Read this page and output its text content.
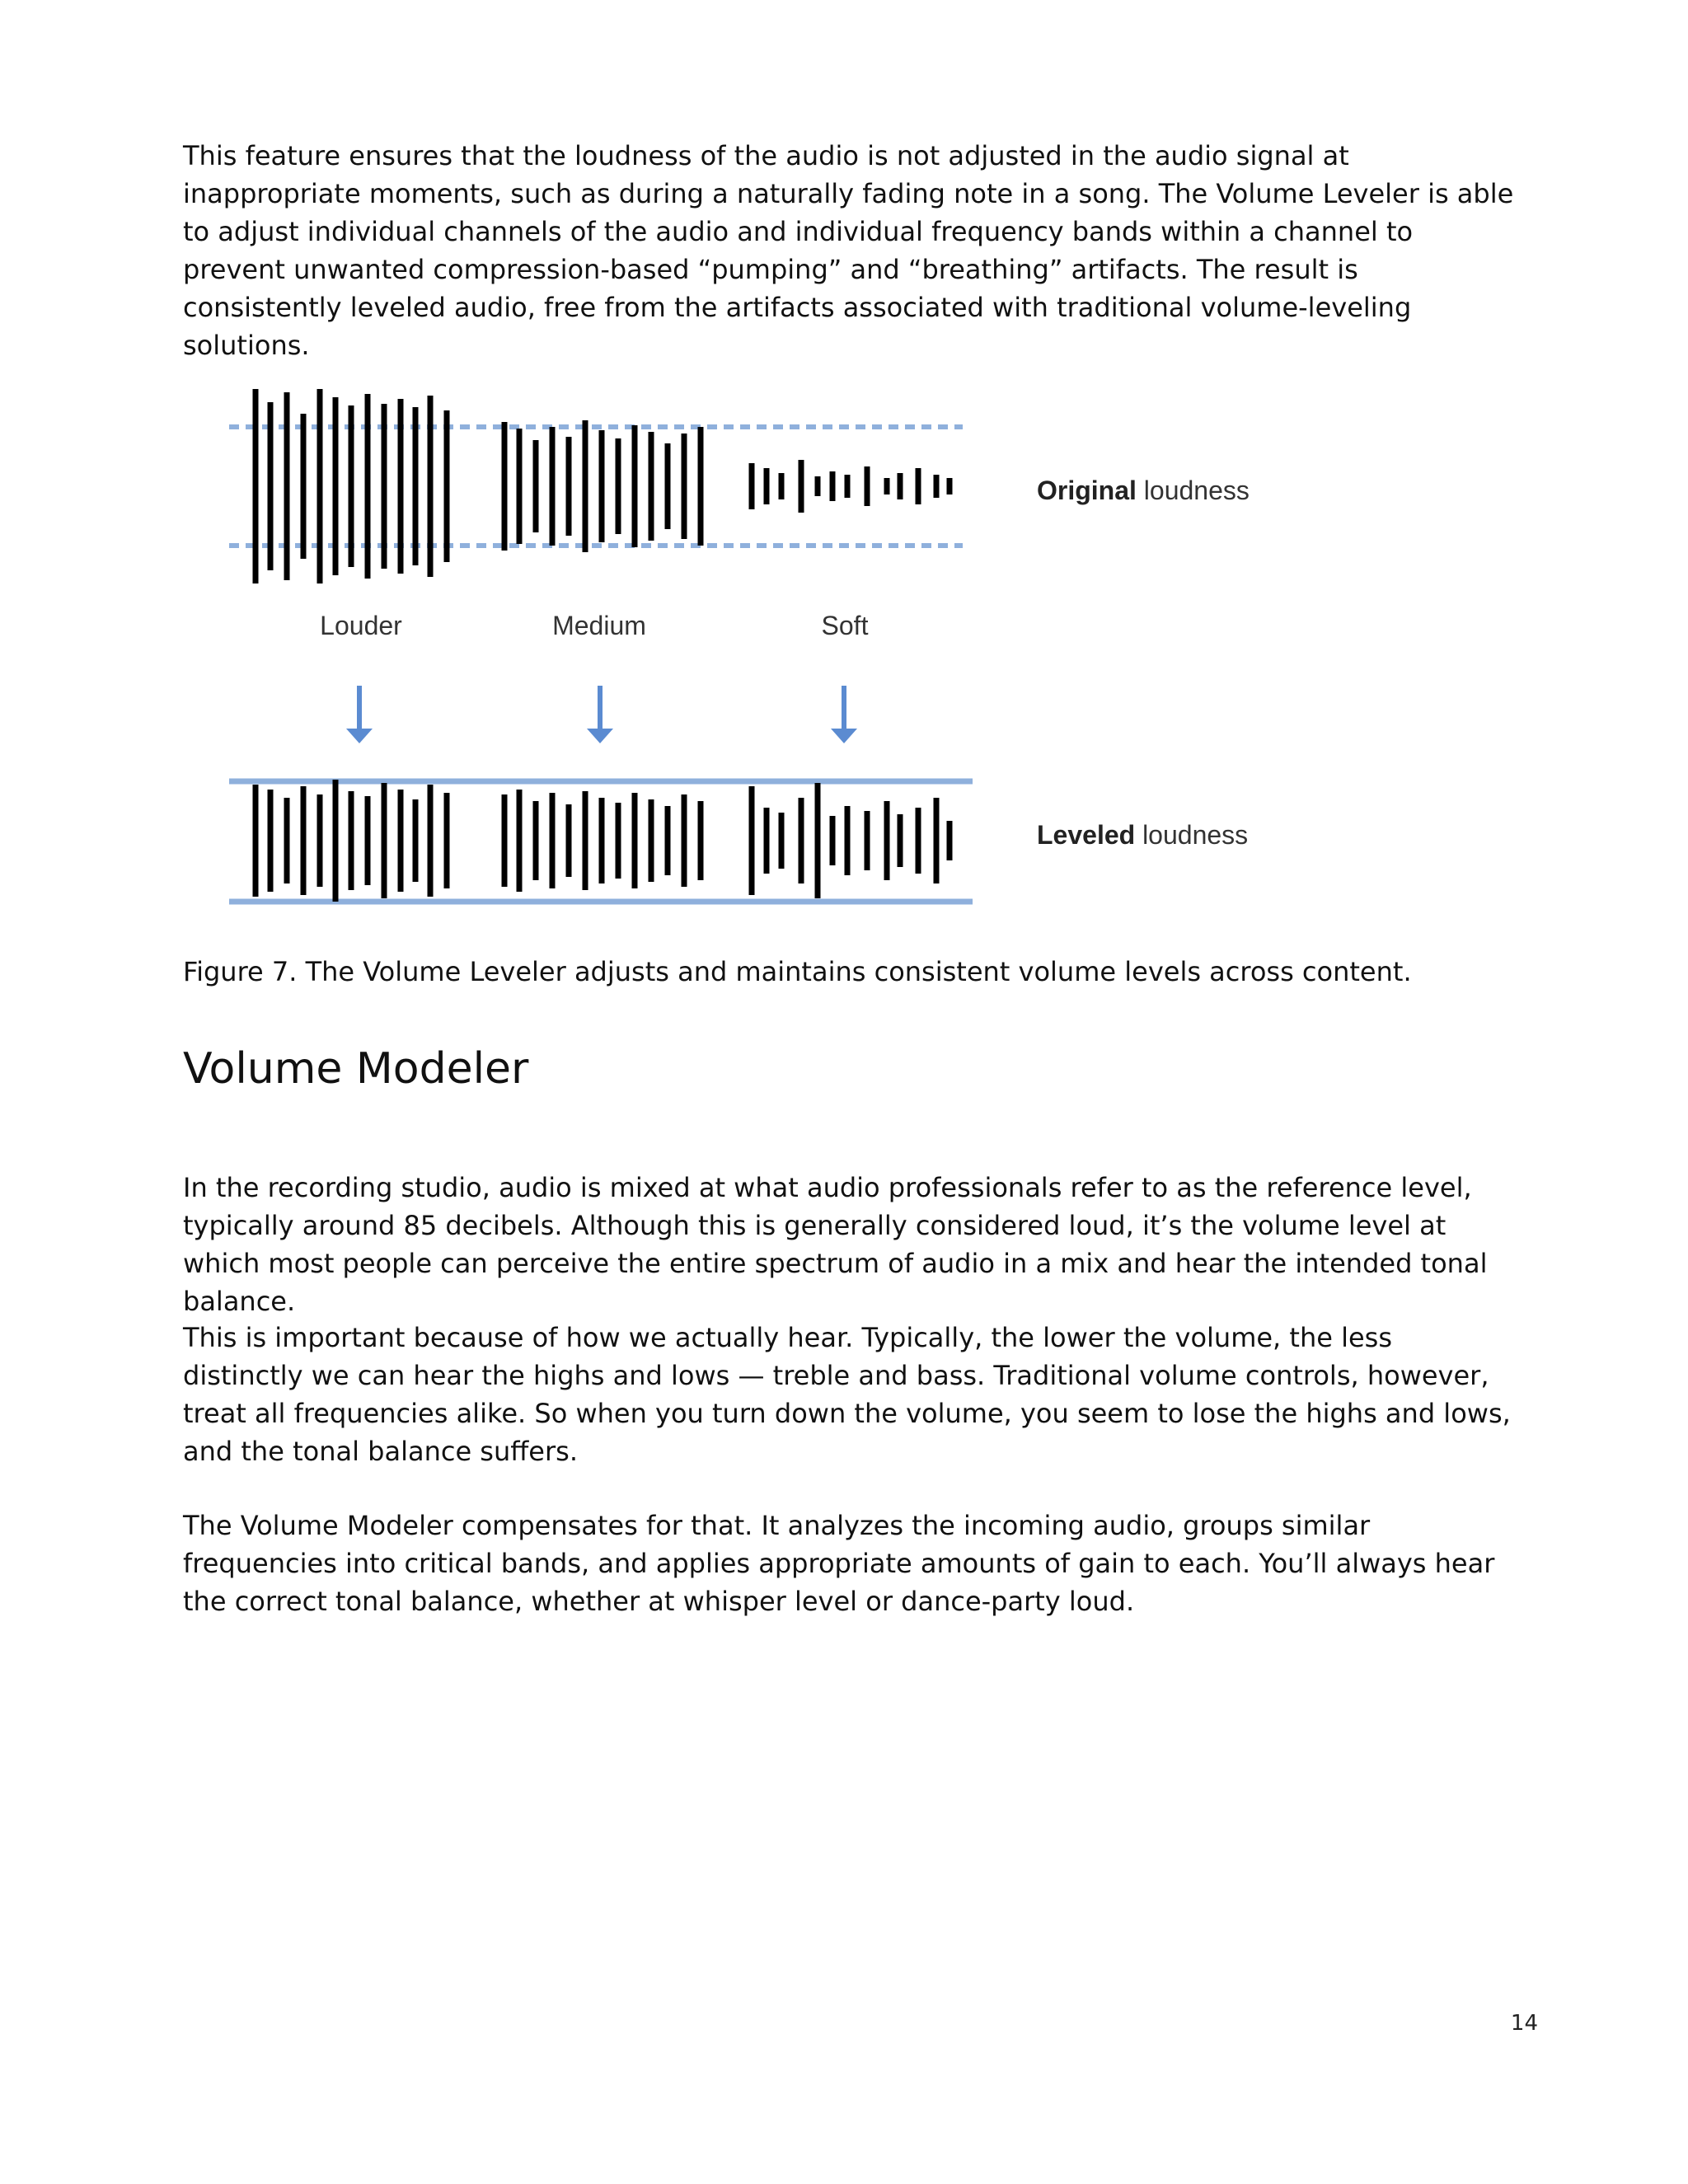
This feature ensures that the loudness of the audio is not adjusted in the audio signal at inappropriate moments, such as during a naturally fading note in a song. The Volume Leveler is able to adjust individual channels of the audio and individual frequency bands within a channel to prevent unwanted compression-based “pumping” and “breathing” artifacts. The result is consistently leveled audio, free from the artifacts associated with traditional volume-leveling solutions.

Original loudness
Louder	Medium	Soft
Leveled loudness

Figure 7. The Volume Leveler adjusts and maintains consistent volume levels across content.

Volume Modeler

In the recording studio, audio is mixed at what audio professionals refer to as the reference level, typically around 85 decibels. Although this is generally considered loud, it’s the volume level at which most people can perceive the entire spectrum of audio in a mix and hear the intended tonal balance.

This is important because of how we actually hear. Typically, the lower the volume, the less distinctly we can hear the highs and lows — treble and bass. Traditional volume controls, however, treat all frequencies alike. So when you turn down the volume, you seem to lose the highs and lows, and the tonal balance suffers.

The Volume Modeler compensates for that. It analyzes the incoming audio, groups similar frequencies into critical bands, and applies appropriate amounts of gain to each. You’ll always hear the correct tonal balance, whether at whisper level or dance-party loud.

14
